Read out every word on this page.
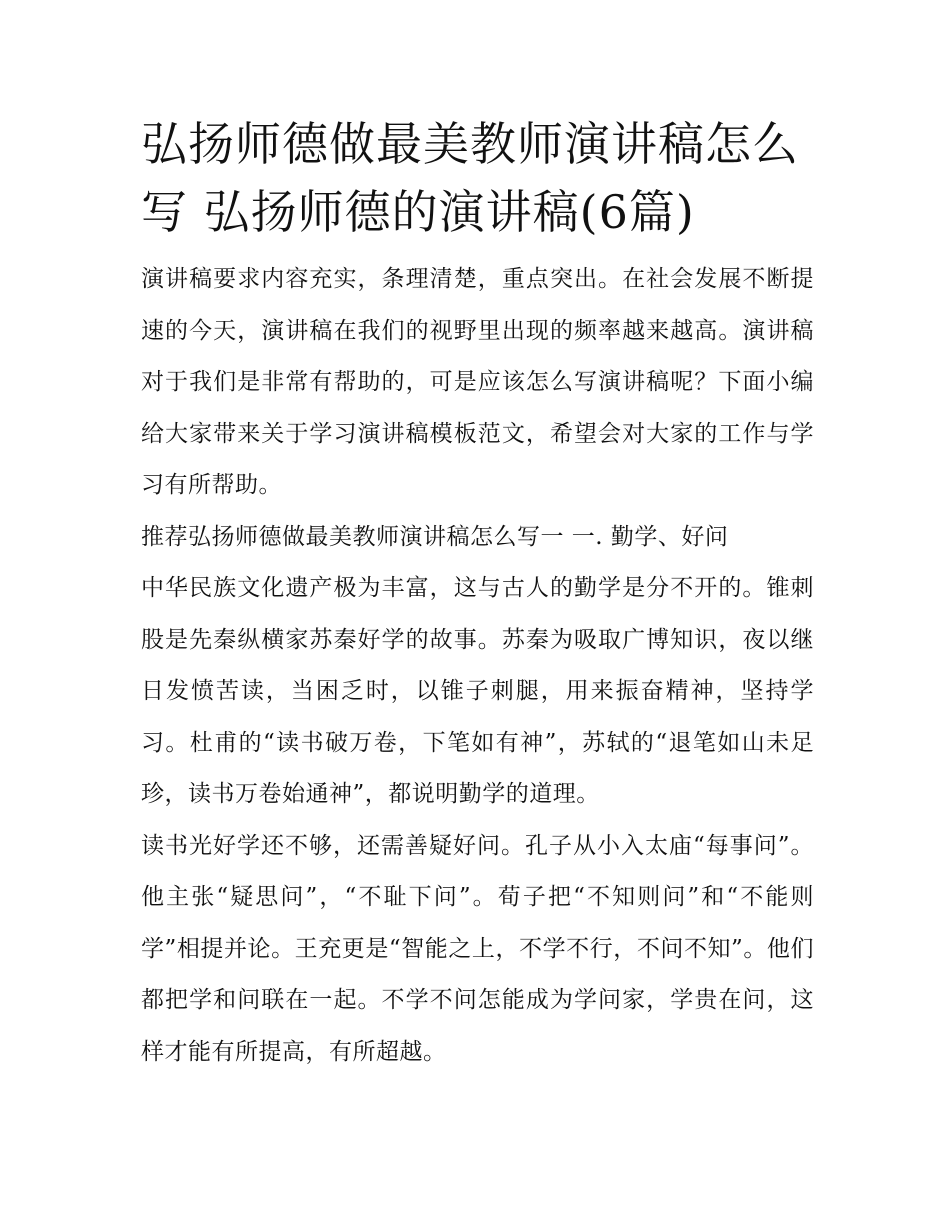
弘扬师德做最美教师演讲稿怎么写 弘扬师德的演讲稿(6篇)

演讲稿要求内容充实，条理清楚，重点突出。在社会发展不断提速的今天，演讲稿在我们的视野里出现的频率越来越高。演讲稿对于我们是非常有帮助的，可是应该怎么写演讲稿呢？下面小编给大家带来关于学习演讲稿模板范文，希望会对大家的工作与学习有所帮助。

推荐弘扬师德做最美教师演讲稿怎么写一 一. 勤学、好问

中华民族文化遗产极为丰富，这与古人的勤学是分不开的。锥刺股是先秦纵横家苏秦好学的故事。苏秦为吸取广博知识，夜以继日发愤苦读，当困乏时，以锥子刺腿，用来振奋精神，坚持学习。杜甫的“读书破万卷，下笔如有神”，苏轼的“退笔如山未足珍，读书万卷始通神”，都说明勤学的道理。

读书光好学还不够，还需善疑好问。孔子从小入太庙“每事问”。他主张“疑思问”，“不耻下问”。荀子把“不知则问”和“不能则学”相提并论。王充更是“智能之上，不学不行，不问不知”。他们都把学和问联在一起。不学不问怎能成为学问家，学贵在问，这样才能有所提高，有所超越。
